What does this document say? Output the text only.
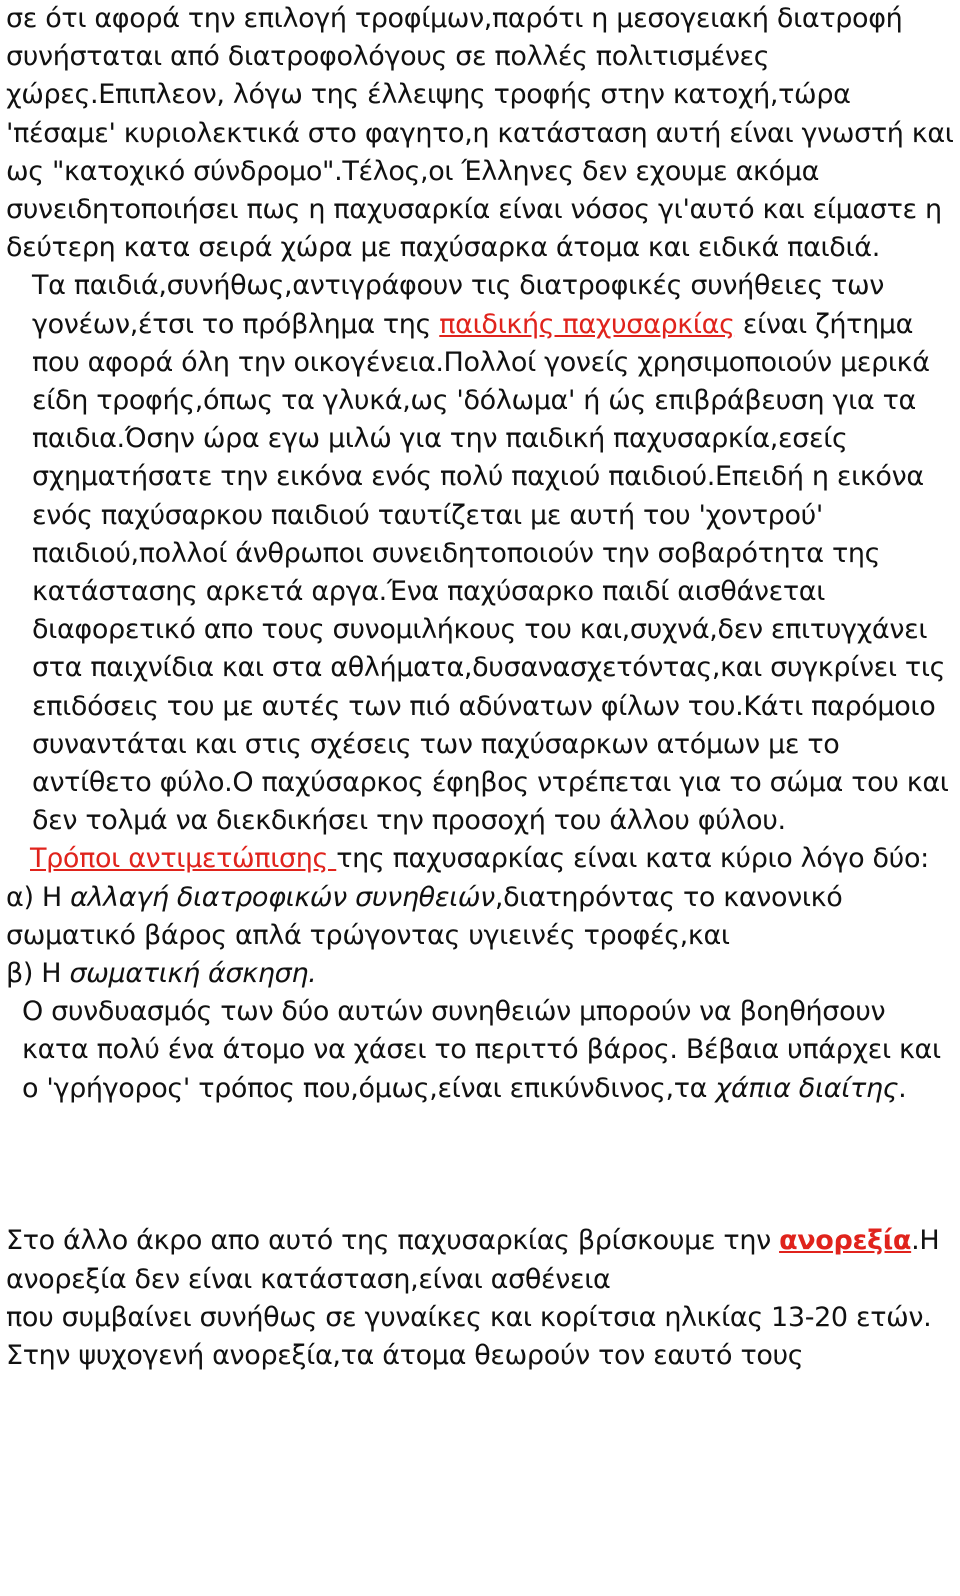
σε ότι αφορά την επιλογή τροφίμων,παρότι η μεσογειακή διατροφή συνήσταται από διατροφολόγους σε πολλές πολιτισμένες χώρες.Επιπλεον, λόγω της έλλειψης τροφής στην κατοχή,τώρα 'πέσαμε' κυριολεκτικά στο φαγητο,η κατάσταση αυτή είναι γνωστή και ως "κατοχικό σύνδρομο".Τέλος,οι Έλληνες δεν εχουμε ακόμα συνειδητοποιήσει πως η παχυσαρκία είναι νόσος γι'αυτό και είμαστε η δεύτερη κατα σειρά χώρα με παχύσαρκα άτομα και ειδικά παιδιά.

Τα παιδιά,συνήθως,αντιγράφουν τις διατροφικές συνήθειες των γονέων,έτσι το πρόβλημα της παιδικής παχυσαρκίας είναι ζήτημα που αφορά όλη την οικογένεια.Πολλοί γονείς χρησιμοποιούν μερικά είδη τροφής,όπως τα γλυκά,ως 'δόλωμα' ή ώς επιβράβευση για τα παιδια.Όσην ώρα εγω μιλώ για την παιδική παχυσαρκία,εσείς σχηματήσατε την εικόνα ενός πολύ παχιού παιδιού.Επειδή η εικόνα ενός παχύσαρκου παιδιού ταυτίζεται με αυτή του 'χοντρού' παιδιού,πολλοί άνθρωποι συνειδητοποιούν την σοβαρότητα της κατάστασης αρκετά αργα.Ένα παχύσαρκο παιδί αισθάνεται διαφορετικό απο τους συνομιλήκους του και,συχνά,δεν επιτυγχάνει στα παιχνίδια και στα αθλήματα,δυσανασχετόντας,και συγκρίνει τις επιδόσεις του με αυτές των πιό αδύνατων φίλων του.Κάτι παρόμοιο συναντάται και στις σχέσεις των παχύσαρκων ατόμων με το αντίθετο φύλο.Ο παχύσαρκος έφηβος ντρέπεται για το σώμα του και δεν τολμά να διεκδικήσει την προσοχή του άλλου φύλου.

Τρόποι αντιμετώπισης της παχυσαρκίας είναι κατα κύριο λόγο δύο:

α) Η αλλαγή διατροφικών συνηθειών,διατηρόντας το κανονικό σωματικό βάρος απλά τρώγοντας υγιεινές τροφές,και

β) Η σωματική άσκηση.

Ο συνδυασμός των δύο αυτών συνηθειών μπορούν να βοηθήσουν κατα πολύ ένα άτομο να χάσει το περιττό βάρος. Βέβαια υπάρχει και ο 'γρήγορος' τρόπος που,όμως,είναι επικύνδινος,τα χάπια διαίτης.

Στο άλλο άκρο απο αυτό της παχυσαρκίας βρίσκουμε την ανορεξία.Η ανορεξία δεν είναι κατάσταση,είναι ασθένεια
που συμβαίνει συνήθως σε γυναίκες και κορίτσια ηλικίας 13-20 ετών.

Στην ψυχογενή ανορεξία,τα άτομα θεωρούν τον εαυτό τους
